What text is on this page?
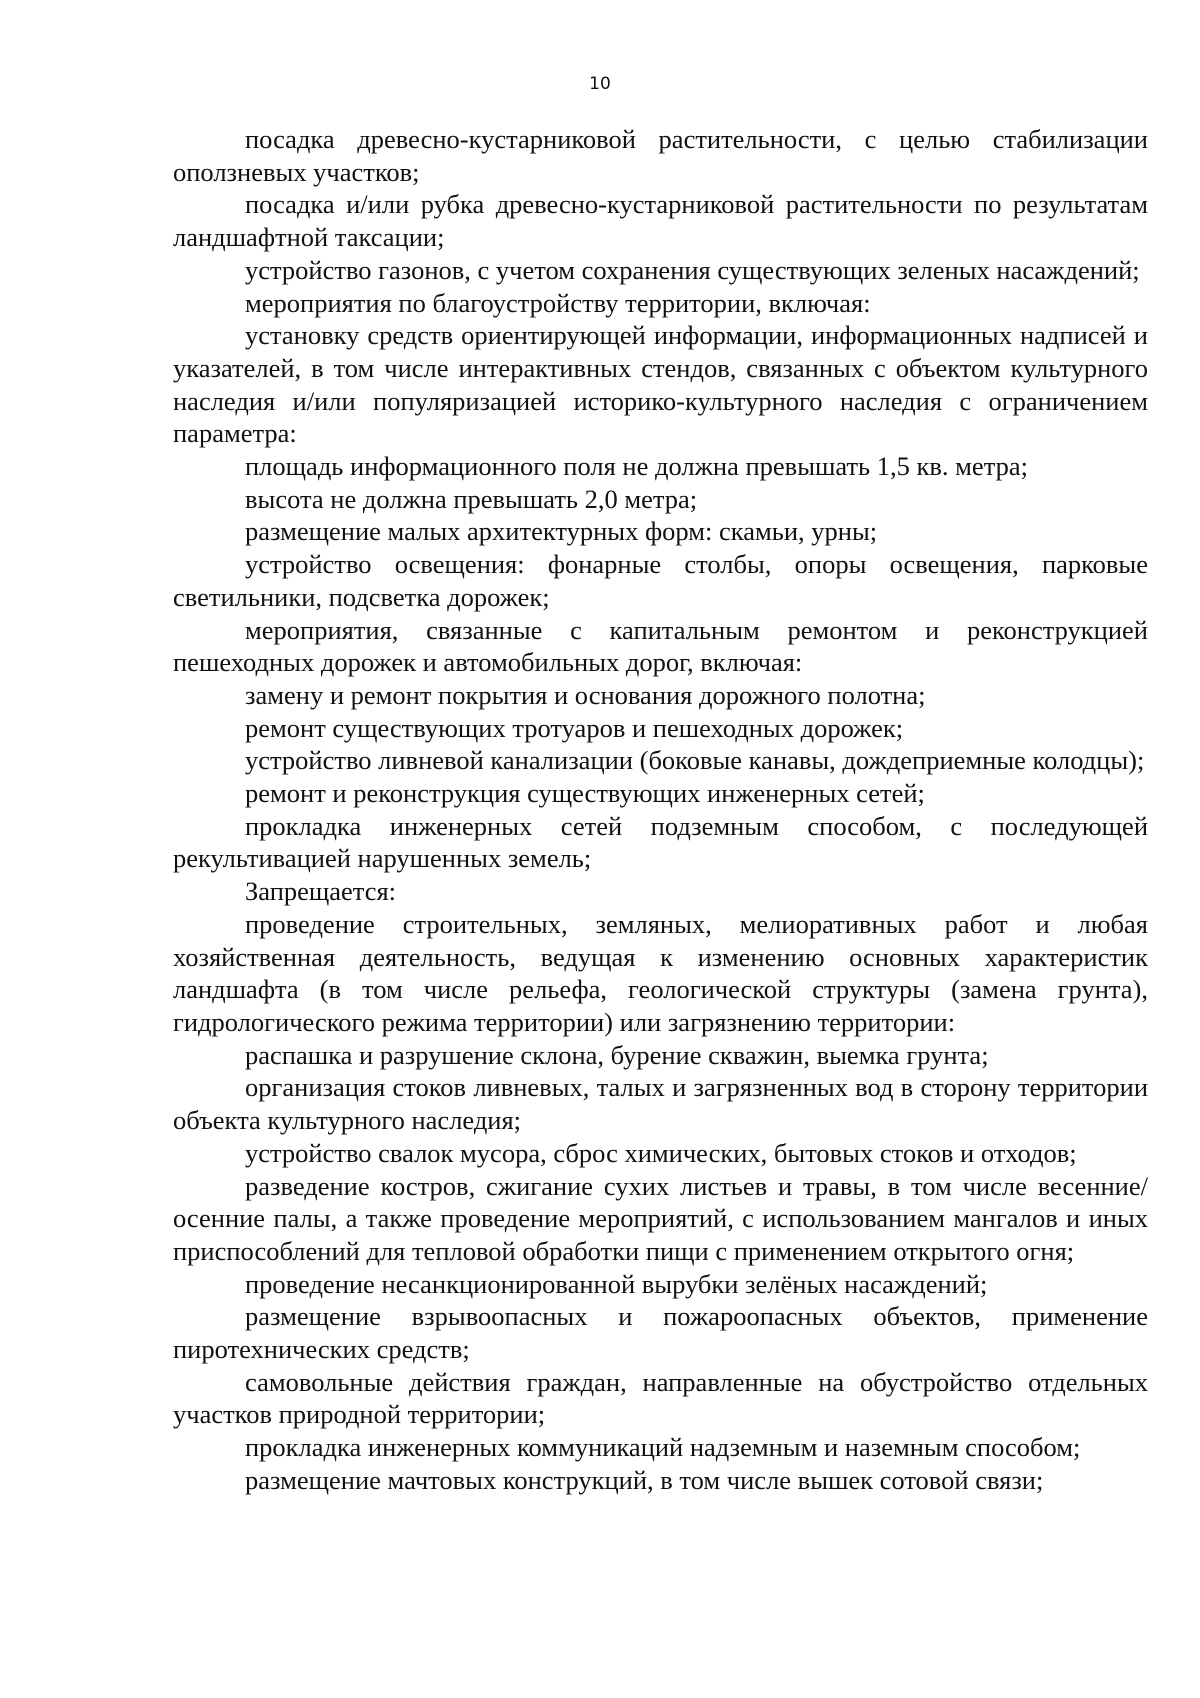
10

посадка древесно-кустарниковой растительности, с целью стабилизации оползневых участков;

посадка и/или рубка древесно-кустарниковой растительности по результатам ландшафтной таксации;

устройство газонов, с учетом сохранения существующих зеленых насаждений;

мероприятия по благоустройству территории, включая:

установку средств ориентирующей информации, информационных надписей и указателей, в том числе интерактивных стендов, связанных с объектом культурного наследия и/или популяризацией историко-культурного наследия с ограничением параметра:

площадь информационного поля не должна превышать 1,5 кв. метра;

высота не должна превышать 2,0 метра;

размещение малых архитектурных форм: скамьи, урны;

устройство освещения: фонарные столбы, опоры освещения, парковые светильники, подсветка дорожек;

мероприятия, связанные с капитальным ремонтом и реконструкцией пешеходных дорожек и автомобильных дорог, включая:

замену и ремонт покрытия и основания дорожного полотна;

ремонт существующих тротуаров и пешеходных дорожек;

устройство ливневой канализации (боковые канавы, дождеприемные колодцы);

ремонт и реконструкция существующих инженерных сетей;

прокладка инженерных сетей подземным способом, с последующей рекультивацией нарушенных земель;

Запрещается:

проведение строительных, земляных, мелиоративных работ и любая хозяйственная деятельность, ведущая к изменению основных характеристик ландшафта (в том числе рельефа, геологической структуры (замена грунта), гидрологического режима территории) или загрязнению территории:

распашка и разрушение склона, бурение скважин, выемка грунта;

организация стоков ливневых, талых и загрязненных вод в сторону территории объекта культурного наследия;

устройство свалок мусора, сброс химических, бытовых стоков и отходов;

разведение костров, сжигание сухих листьев и травы, в том числе весенние/осенние палы, а также проведение мероприятий, с использованием мангалов и иных приспособлений для тепловой обработки пищи с применением открытого огня;

проведение несанкционированной вырубки зелёных насаждений;

размещение взрывоопасных и пожароопасных объектов, применение пиротехнических средств;

самовольные действия граждан, направленные на обустройство отдельных участков природной территории;

прокладка инженерных коммуникаций надземным и наземным способом;

размещение мачтовых конструкций, в том числе вышек сотовой связи;
